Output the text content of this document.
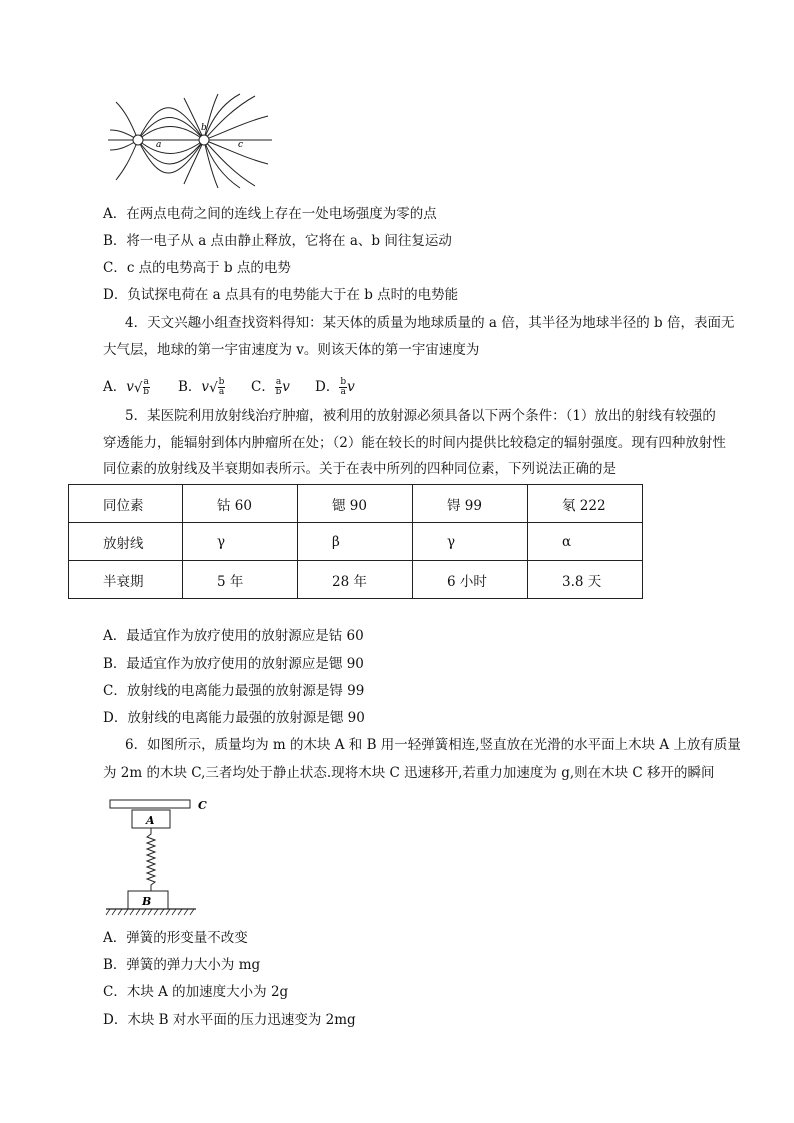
a
b
c
A．在两点电荷之间的连线上存在一处电场强度为零的点
B．将一电子从 a 点由静止释放，它将在 a、b 间往复运动
C．c 点的电势高于 b 点的电势
D．负试探电荷在 a 点具有的电势能大于在 b 点时的电势能
4．天文兴趣小组查找资料得知：某天体的质量为地球质量的 a 倍，其半径为地球半径的 b 倍，表面无
大气层，地球的第一宇宙速度为 v。则该天体的第一宇宙速度为
A．$v√ \frac{a}{b}$ B．$v√ \frac{b}{a}$ C． $\frac{a}{b}$ v D． $\frac{b}{a}$ v
5．某医院利用放射线治疗肿瘤，被利用的放射源必须具备以下两个条件：（1）放出的射线有较强的
穿透能力，能辐射到体内肿瘤所在处；（2）能在较长的时间内提供比较稳定的辐射强度。现有四种放射性
同位素的放射线及半衰期如表所示。关于在表中所列的四种同位素，下列说法正确的是
同位素	钴 60	锶 90	锝 99	氡 222
放射线	γ	β	γ	α
半衰期	5 年	28 年	6 小时	3.8 天
A．最适宜作为放疗使用的放射源应是钴 60
B．最适宜作为放疗使用的放射源应是锶 90
C．放射线的电离能力最强的放射源是锝 99
D．放射线的电离能力最强的放射源是锶 90
6．如图所示，质量均为 m 的木块 A 和 B 用一轻弹簧相连,竖直放在光滑的水平面上木块 A 上放有质量
为 2m 的木块 C,三者均处于静止状态.现将木块 C 迅速移开,若重力加速度为 g,则在木块 C 移开的瞬间
C
A
B
A．弹簧的形变量不改变
B．弹簧的弹力大小为 mg
C．木块 A 的加速度大小为 2g
D．木块 B 对水平面的压力迅速变为 2mg
